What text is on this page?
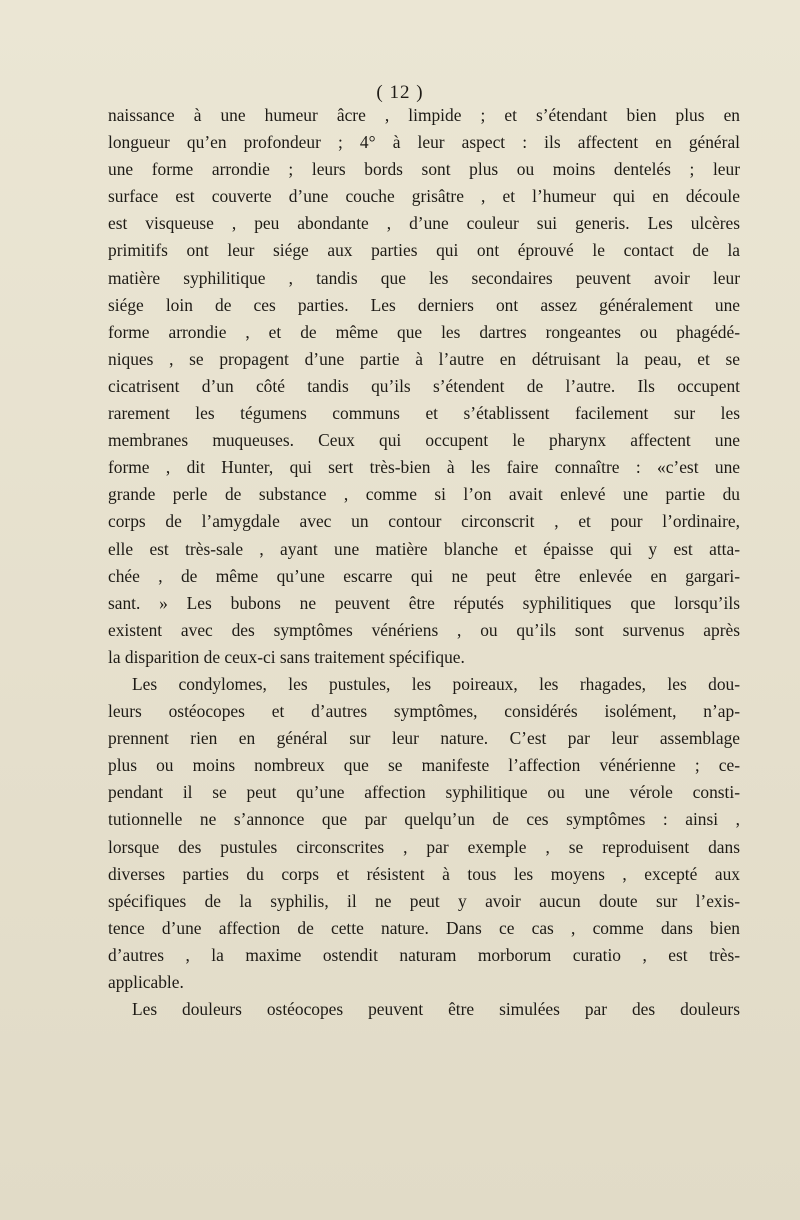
( 12 )
naissance à une humeur âcre , limpide ; et s’étendant bien plus en
longueur qu’en profondeur ; 4° à leur aspect : ils affectent en général
une forme arrondie ; leurs bords sont plus ou moins dentelés ; leur
surface est couverte d’une couche grisâtre , et l’humeur qui en découle
est visqueuse , peu abondante , d’une couleur sui generis. Les ulcères
primitifs ont leur siége aux parties qui ont éprouvé le contact de la
matière syphilitique , tandis que les secondaires peuvent avoir leur
siége loin de ces parties. Les derniers ont assez généralement une
forme arrondie , et de même que les dartres rongeantes ou phagédé-
niques , se propagent d’une partie à l’autre en détruisant la peau, et se
cicatrisent d’un côté tandis qu’ils s’étendent de l’autre. Ils occupent
rarement les tégumens communs et s’établissent facilement sur les
membranes muqueuses. Ceux qui occupent le pharynx affectent une
forme , dit Hunter, qui sert très-bien à les faire connaître : «c’est une
grande perle de substance , comme si l’on avait enlevé une partie du
corps de l’amygdale avec un contour circonscrit , et pour l’ordinaire,
elle est très-sale , ayant une matière blanche et épaisse qui y est atta-
chée , de même qu’une escarre qui ne peut être enlevée en gargari-
sant. » Les bubons ne peuvent être réputés syphilitiques que lorsqu’ils
existent avec des symptômes vénériens , ou qu’ils sont survenus après
la disparition de ceux-ci sans traitement spécifique.
Les condylomes, les pustules, les poireaux, les rhagades, les dou-
leurs ostéocopes et d’autres symptômes, considérés isolément, n’ap-
prennent rien en général sur leur nature. C’est par leur assemblage
plus ou moins nombreux que se manifeste l’affection vénérienne ; ce-
pendant il se peut qu’une affection syphilitique ou une vérole consti-
tutionnelle ne s’annonce que par quelqu’un de ces symptômes : ainsi ,
lorsque des pustules circonscrites , par exemple , se reproduisent dans
diverses parties du corps et résistent à tous les moyens , excepté aux
spécifiques de la syphilis, il ne peut y avoir aucun doute sur l’exis-
tence d’une affection de cette nature. Dans ce cas , comme dans bien
d’autres , la maxime ostendit naturam morborum curatio , est très-
applicable.
Les douleurs ostéocopes peuvent être simulées par des douleurs
